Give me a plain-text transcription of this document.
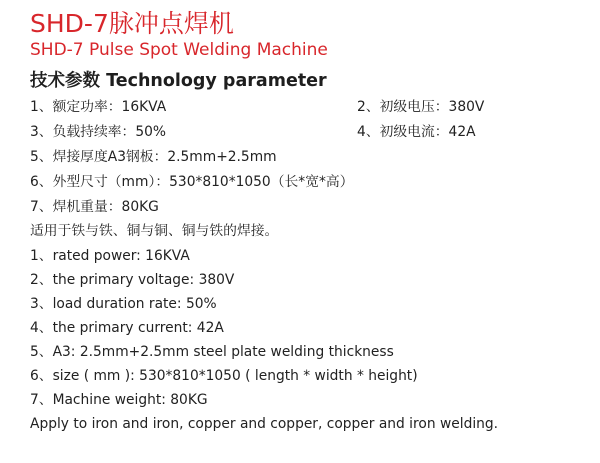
SHD-7脉冲点焊机
SHD-7 Pulse Spot Welding Machine
技术参数 Technology parameter
1、额定功率：16KVA	2、初级电压：380V
3、负载持续率：50%	4、初级电流：42A
5、焊接厚度A3钢板：2.5mm+2.5mm
6、外型尺寸（mm）：530*810*1050（长*宽*高）
7、焊机重量：80KG
适用于铁与铁、铜与铜、铜与铁的焊接。
1、rated power: 16KVA
2、the primary voltage: 380V
3、load duration rate: 50%
4、the primary current: 42A
5、A3: 2.5mm+2.5mm steel plate welding thickness
6、size ( mm ): 530*810*1050 ( length * width * height)
7、Machine weight: 80KG
Apply to iron and iron, copper and copper, copper and iron welding.
